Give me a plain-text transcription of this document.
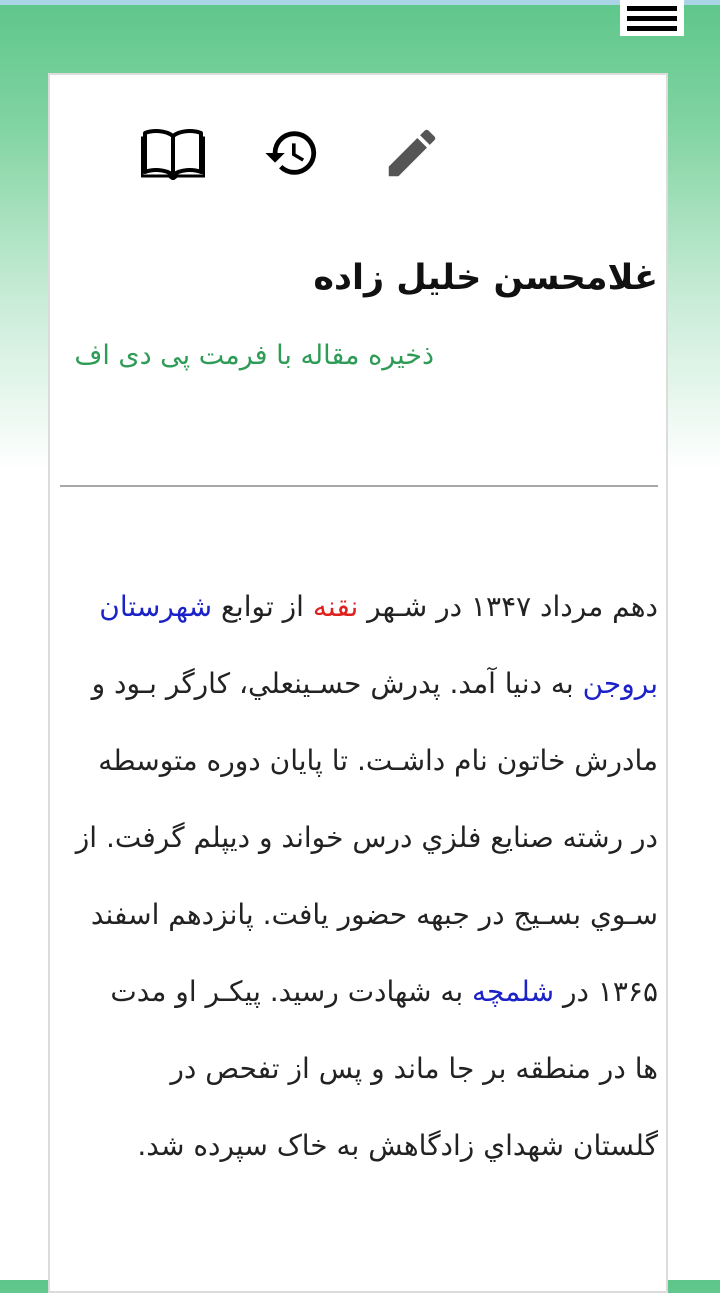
غلامحسن خلیل زاده
ذخیره مقاله با فرمت پی دی اف
دهم مرداد ۱۳۴۷ در شـهر نقنه از توابع شهرستان
بروجن به دنیا آمد. پدرش حسـینعلي، کارگر بـود و
مادرش خاتون نام داشـت. تا پایان دوره متوسطه
در رشته صنایع فلزي درس خواند و دیپلم گرفت. از
سـوي بسـیج در جبهه حضور یافت. پانزدهم اسفند
۱۳۶۵ در شلمچه به شهادت رسید. پیکـر او مدت
ها در منطقه بر جا ماند و پس از تفحص در
گلستان شهداي زادگاهش به خاک سپرده شد.
